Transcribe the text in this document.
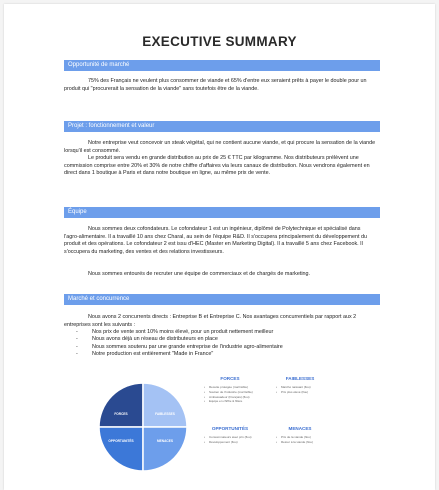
EXECUTIVE SUMMARY
Opportunité de marché
75% des Français ne veulent plus consommer de viande et 65% d'entre eux seraient prêts à payer le double pour un produit qui "procurerait la sensation de la viande" sans toutefois être de la viande.
Projet : fonctionnement et valeur
Notre entreprise veut concevoir un steak végétal, qui ne contient aucune viande, et qui procure la sensation de la viande lorsqu'il est consommé.
Le produit sera vendu en grande distribution au prix de 25 € TTC par kilogramme. Nos distributeurs prélèvent une commission comprise entre 20% et 30% de notre chiffre d'affaires via leurs canaux de distribution. Nous vendrons également en direct dans 1 boutique à Paris et dans notre boutique en ligne, au même prix de vente.
Équipe
Nous sommes deux cofondateurs. Le cofondateur 1 est un ingénieur, diplômé de Polytechnique et spécialisé dans l'agro-alimentaire. Il a travaillé 10 ans chez Charal, au sein de l'équipe R&D. Il s'occupera principalement du développement du produit et des opérations. Le cofondateur 2 est issu d'HEC (Master en Marketing Digital). Il a travaillé 5 ans chez Facebook. Il s'occupera du marketing, des ventes et des relations investisseurs.
Nous sommes entourés de recruter une équipe de commerciaux et de chargés de marketing.
Marché et concurrence
Nous avons 2 concurrents directs : Entreprise B et Entreprise C. Nos avantages concurrentiels par rapport aux 2 entreprises sont les suivants :
-	Nos prix de vente sont 10% moins élevé, pour un produit nettement meilleur
-	Nous avons déjà un réseau de distributeurs en place
-	Nous sommes soutenu par une grande entreprise de l'industrie agro-alimentaire
-	Notre production est entièrement "Made in France"
FORCES	FAIBLESSES
OPPORTUNITÉS	MENACES
FORCES
• Recette protégée (mal lisible)
• Soutien de l'industrie (mal lisible)
• Ambassadeur (Français) (flou)
• Equipe en chiffre & filière
FAIBLESSES
• Marché naissant (flou)
• Prix plus élevé (flou)
OPPORTUNITÉS
• Consommateurs avec prix (flou)
• Développement (flou)
MENACES
• Prix de la viande (flou)
• Retour à la viande (flou)
